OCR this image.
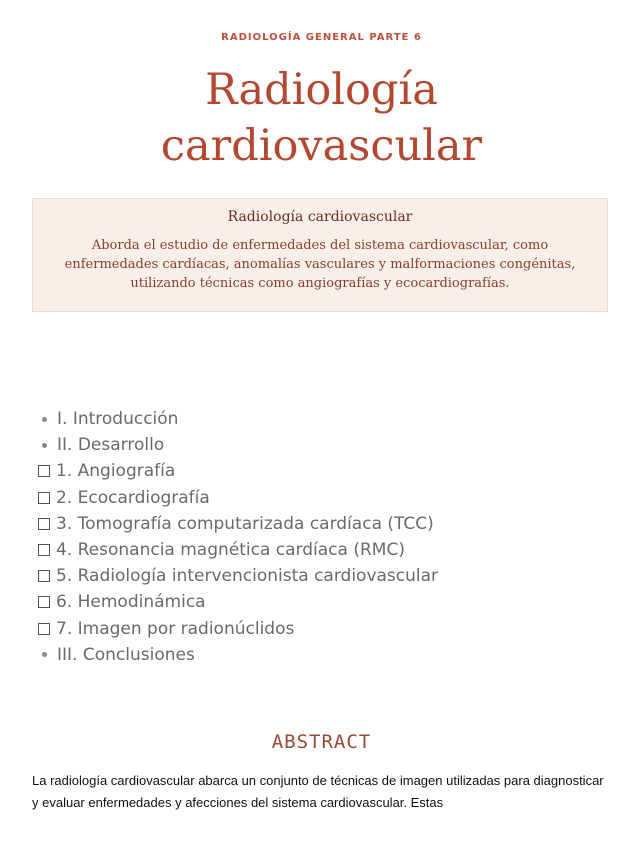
RADIOLOGÍA GENERAL PARTE 6
Radiología
cardiovascular
Radiología cardiovascular
Aborda el estudio de enfermedades del sistema cardiovascular, como enfermedades cardíacas, anomalías vasculares y malformaciones congénitas, utilizando técnicas como angiografías y ecocardiografías.
I. Introducción
II. Desarrollo
1. Angiografía
2. Ecocardiografía
3. Tomografía computarizada cardíaca (TCC)
4. Resonancia magnética cardíaca (RMC)
5. Radiología intervencionista cardiovascular
6. Hemodinámica
7. Imagen por radionúclidos
III. Conclusiones
ABSTRACT
La radiología cardiovascular abarca un conjunto de técnicas de imagen utilizadas para diagnosticar y evaluar enfermedades y afecciones del sistema cardiovascular. Estas
